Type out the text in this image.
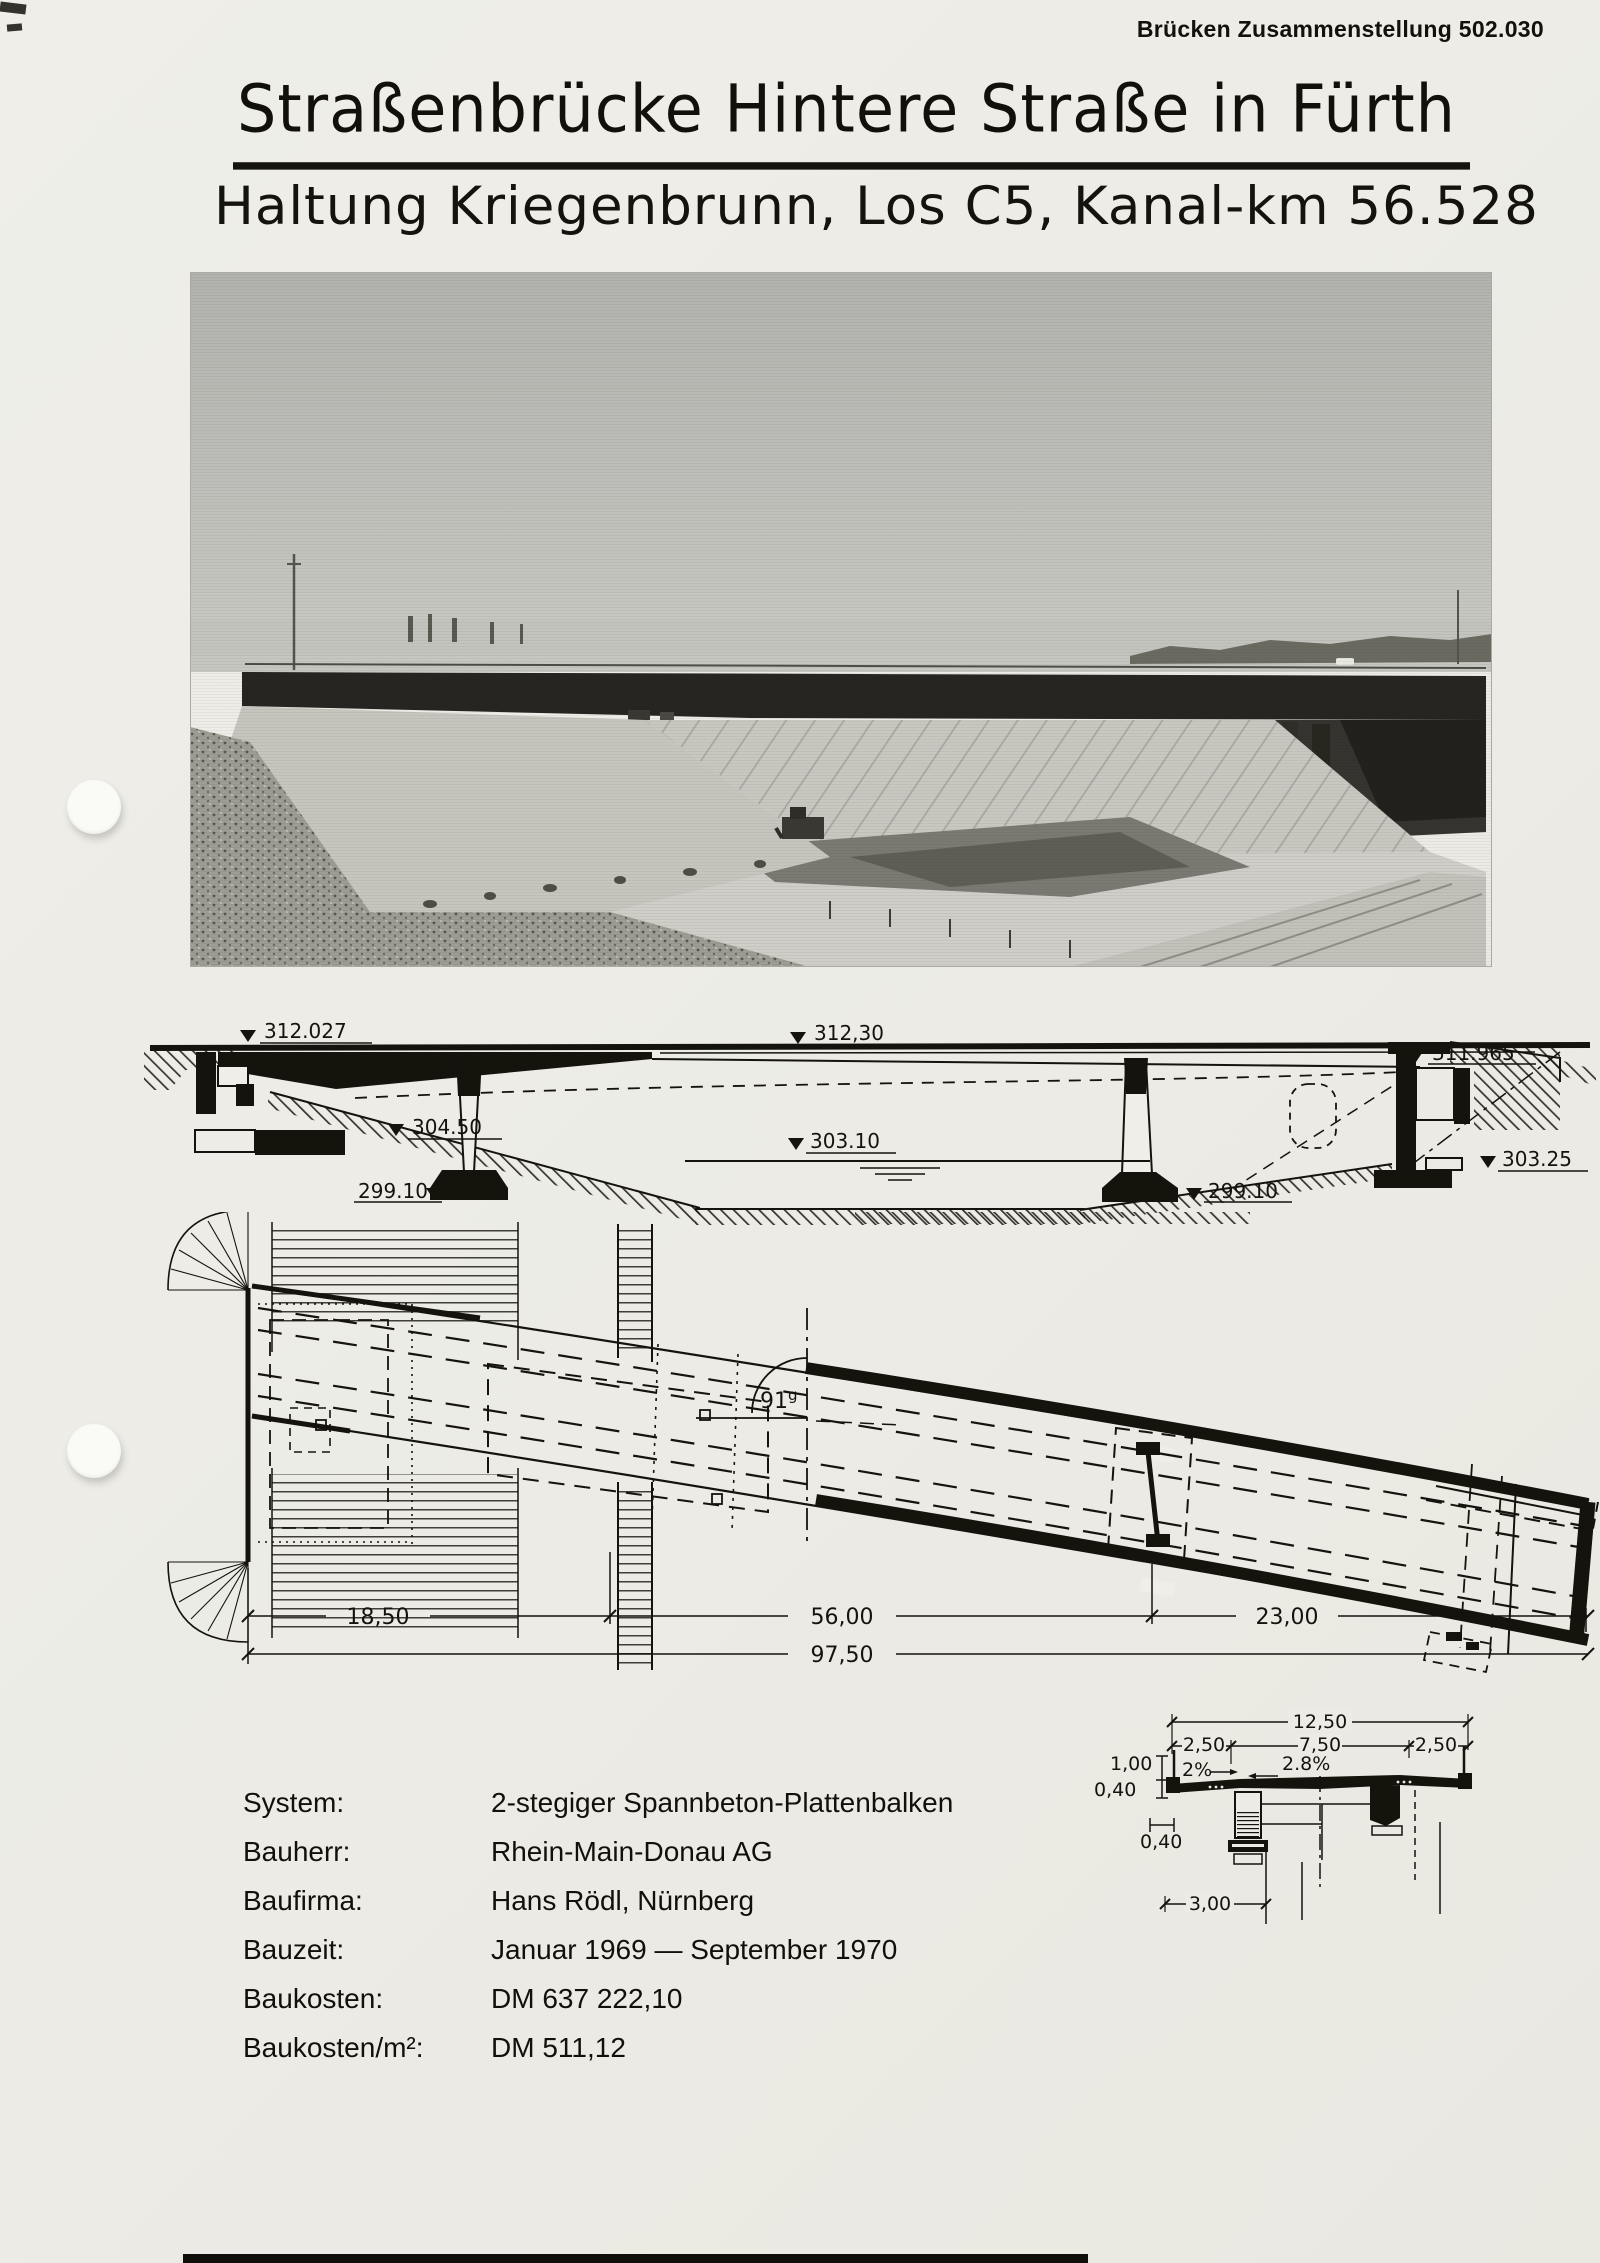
Brücken Zusammenstellung 502.030
Straßenbrücke Hintere Straße in Fürth
Haltung Kriegenbrunn, Los C5, Kanal-km 56.528
312.027	312,30
311.965
304.50
303.10
299.10	299.10
303.25
91$^g$
18,50	56,00	23,00
97,50
12,50
2,50	7,50	2,50
1,00
0,40
2%	2.8%
0,40
3,00
System:	2-stegiger Spannbeton-Plattenbalken
Bauherr:	Rhein-Main-Donau AG
Baufirma:	Hans Rödl, Nürnberg
Bauzeit:	Januar 1969 — September 1970
Baukosten:	DM 637 222,10
Baukosten/m²:	DM 511,12
